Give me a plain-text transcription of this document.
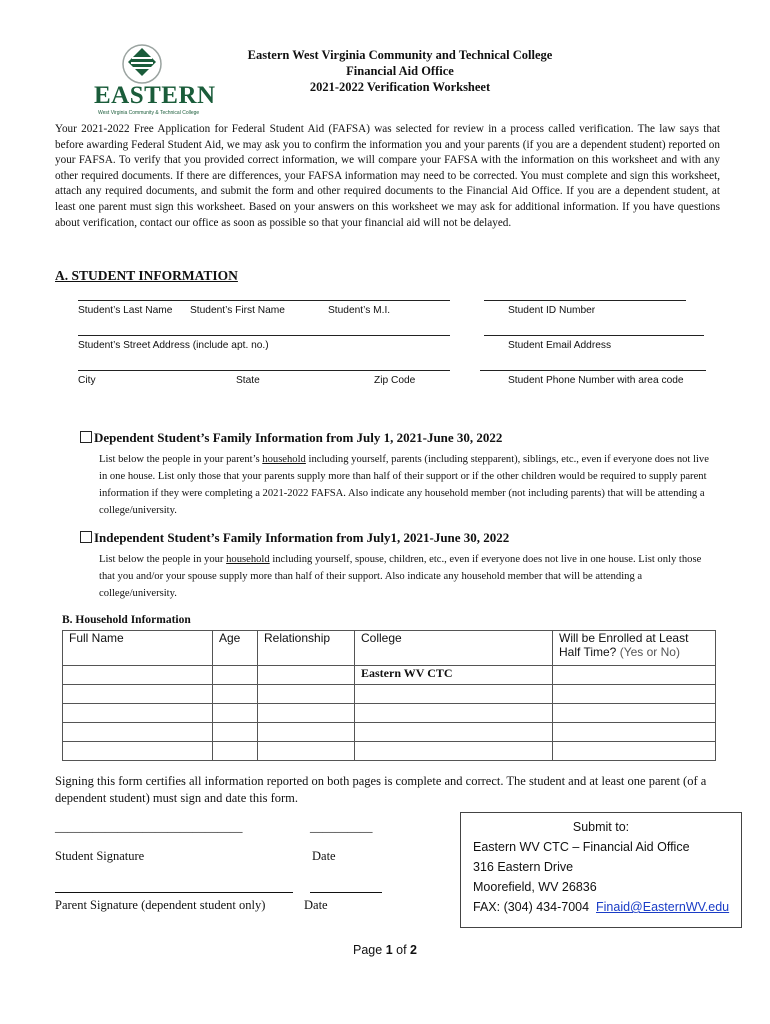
EASTERN
West Virginia Community & Technical College
Eastern West Virginia Community and Technical College
Financial Aid Office
2021-2022 Verification Worksheet
Your 2021-2022 Free Application for Federal Student Aid (FAFSA) was selected for review in a process called verification. The law says that before awarding Federal Student Aid, we may ask you to confirm the information you and your parents (if you are a dependent student) reported on your FAFSA. To verify that you provided correct information, we will compare your FAFSA with the information on this worksheet and with any other required documents. If there are differences, your FAFSA information may need to be corrected. You must complete and sign this worksheet, attach any required documents, and submit the form and other required documents to the Financial Aid Office. If you are a dependent student, at least one parent must sign this worksheet. Based on your answers on this worksheet we may ask for additional information. If you have questions about verification, contact our office as soon as possible so that your financial aid will not be delayed.
A. STUDENT INFORMATION
Student’s Last Name Student’s First Name	Student’s M.I.	Student ID Number
Student’s Street Address (include apt. no.)	Student Email Address
City	State	Zip Code	Student Phone Number with area code
Dependent Student’s Family Information from July 1, 2021-June 30, 2022
List below the people in your parent’s household including yourself, parents (including stepparent), siblings, etc., even if everyone does not live in one house. List only those that your parents supply more than half of their support or if the other children would be required to supply parent information if they were completing a 2021-2022 FAFSA. Also indicate any household member (not including parents) that will be attending a college/university.
Independent Student’s Family Information from July1, 2021-June 30, 2022
List below the people in your household including yourself, spouse, children, etc., even if everyone does not live in one house. List only those that you and/or your spouse supply more than half of their support. Also indicate any household member that will be attending a college/university.
B. Household Information
Full Name	Age	Relationship	College	Will be Enrolled at Least Half Time? (Yes or No)
			Eastern WV CTC	

Signing this form certifies all information reported on both pages is complete and correct. The student and at least one parent (of a dependent student) must sign and date this form.
______________________________	__________
Student Signature	Date
Parent Signature (dependent student only)	Date
Submit to:
Eastern WV CTC – Financial Aid Office
316 Eastern Drive
Moorefield, WV 26836
FAX: (304) 434-7004 Finaid@EasternWV.edu
Page 1 of 2
